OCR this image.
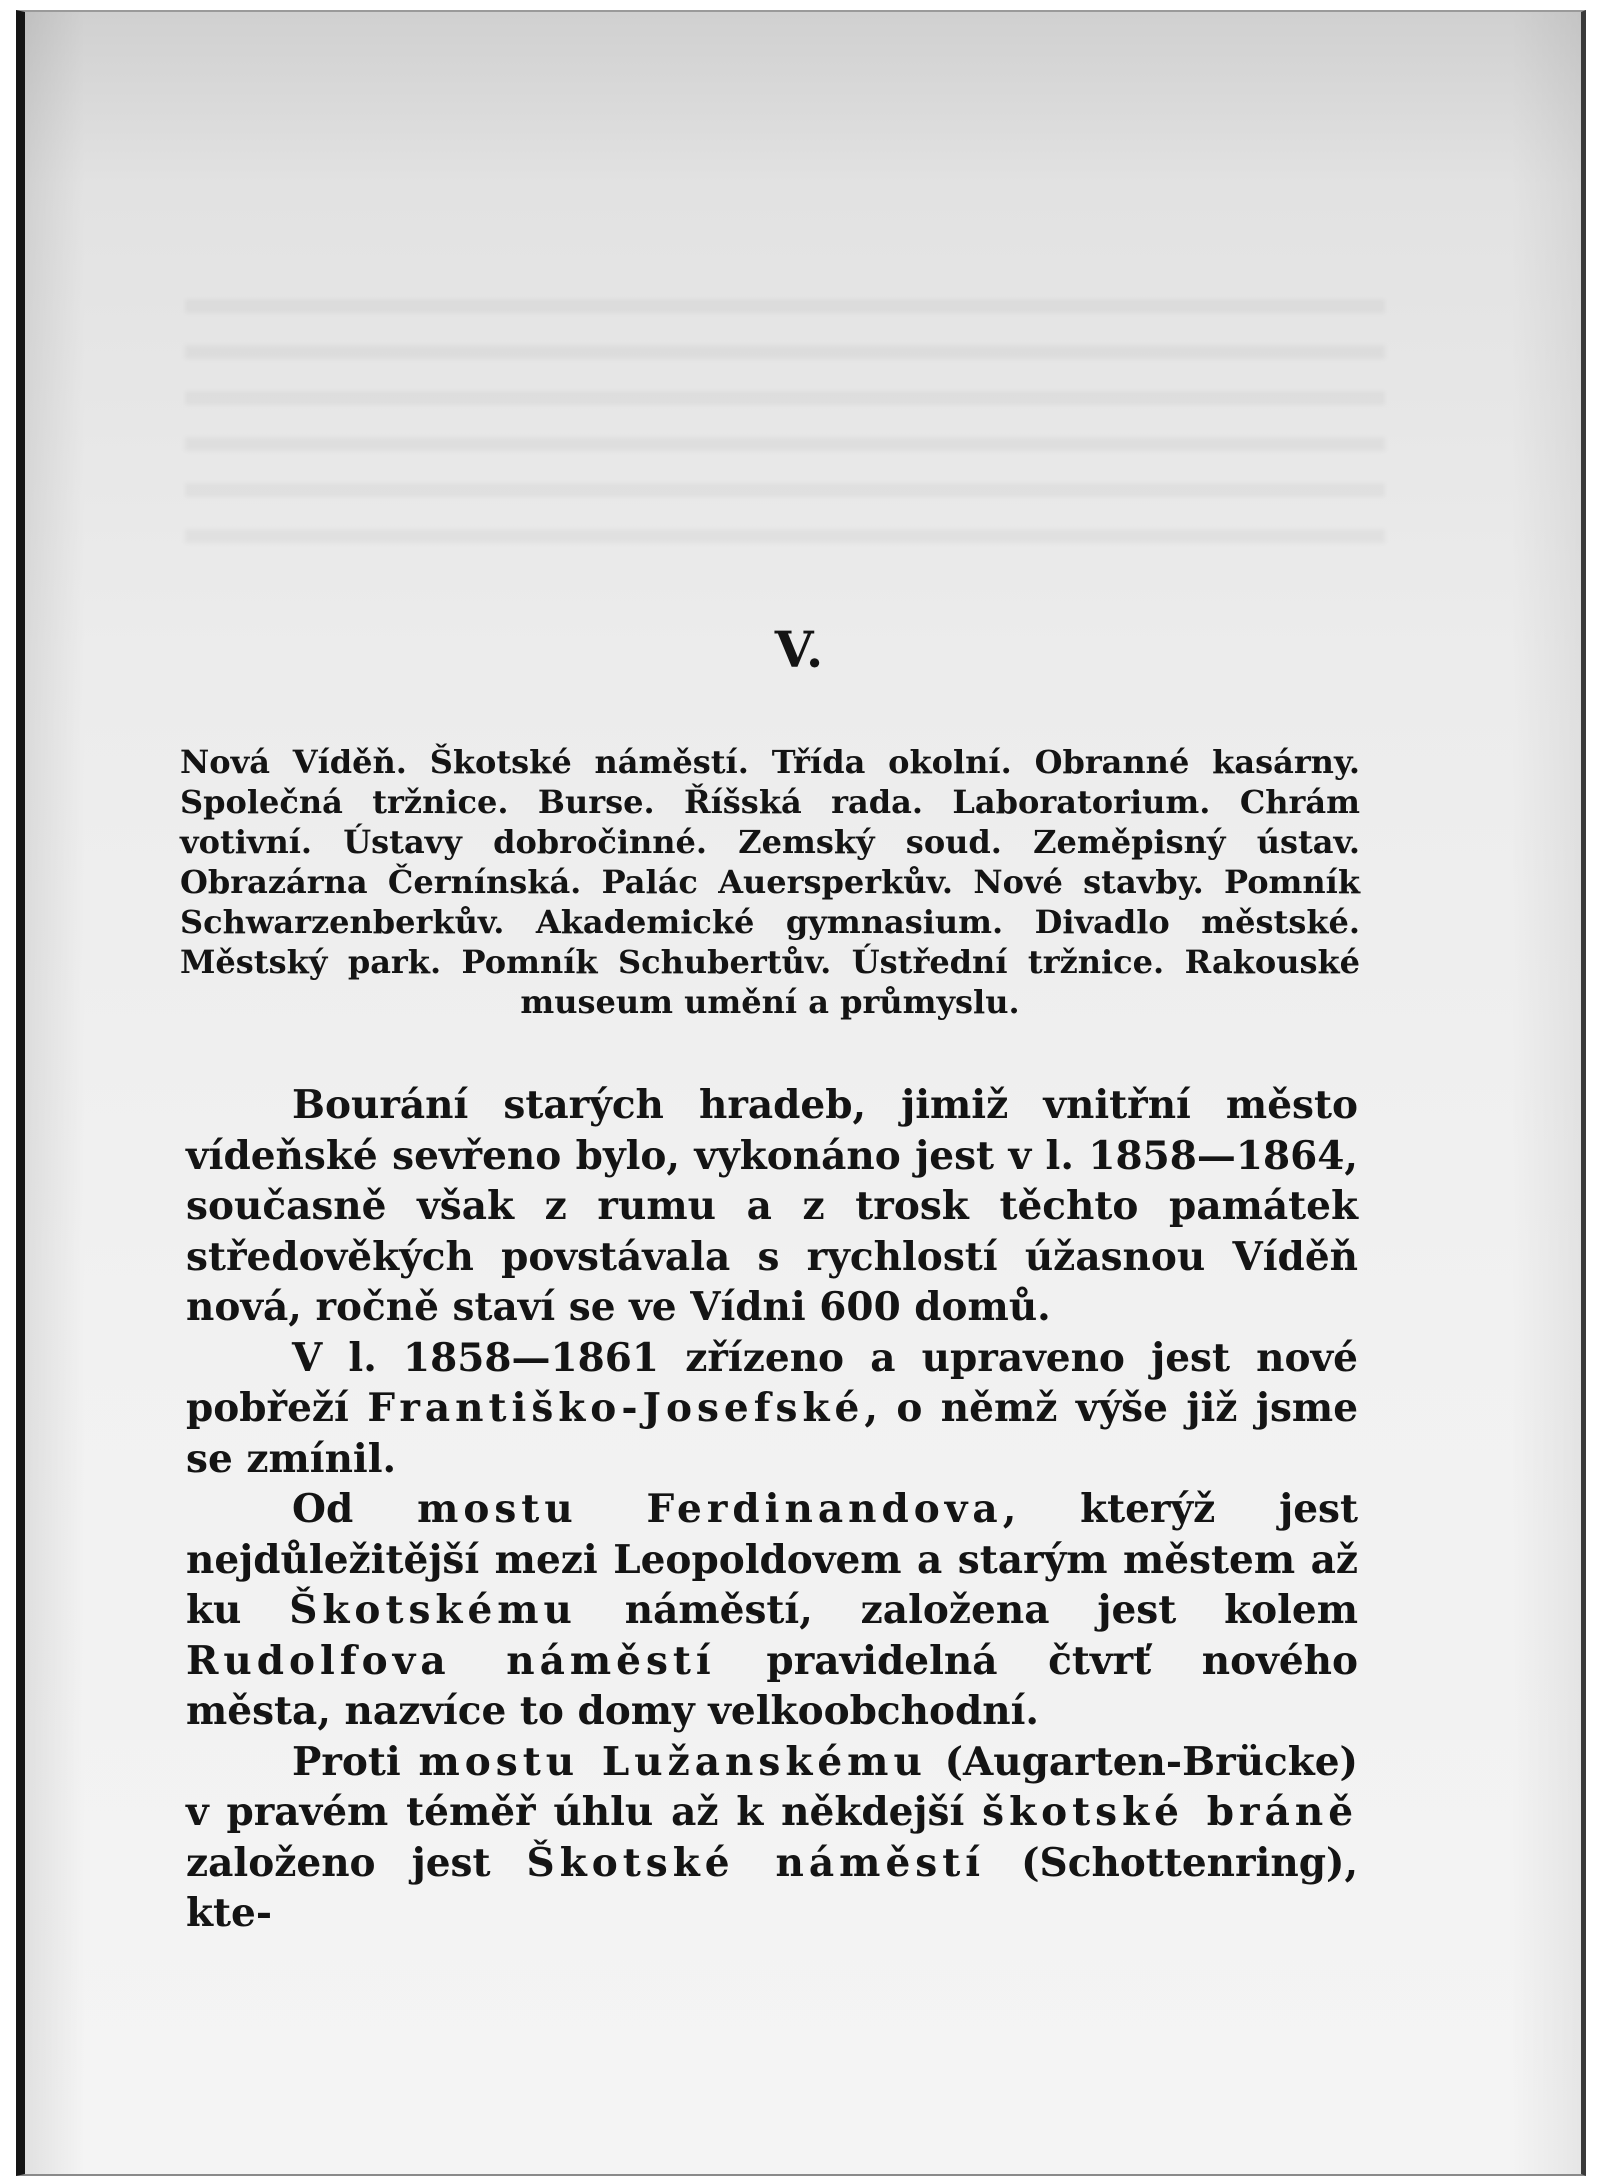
V.
Nová Víděň. Škotské náměstí. Třída okolní. Obranné kasárny. Společná tržnice. Burse. Říšská rada. Laboratorium. Chrám votivní. Ústavy dobročinné. Zemský soud. Zeměpisný ústav. Obrazárna Černínská. Palác Auersperkův. Nové stavby. Pomník Schwarzenberkův. Akademické gymnasium. Divadlo městské. Městský park. Pomník Schubertův. Ústřední tržnice. Rakouské museum umění a průmyslu.

Bourání starých hradeb, jimiž vnitřní město vídeňské sevřeno bylo, vykonáno jest v l. 1858—1864, současně však z rumu a z trosk těchto památek středověkých povstávala s rychlostí úžasnou Víděň nová, ročně staví se ve Vídni 600 domů.

V l. 1858—1861 zřízeno a upraveno jest nové pobřeží Františko-Josefské, o němž výše již jsme se zmínil.

Od mostu Ferdinandova, kterýž jest nejdůležitější mezi Leopoldovem a starým městem až ku Škotskému náměstí, založena jest kolem Rudolfova náměstí pravidelná čtvrť nového města, nazvíce to domy velkoobchodní.

Proti mostu Lužanskému (Augarten-Brücke) v pravém téměř úhlu až k někdejší škotské bráně založeno jest Škotské náměstí (Schottenring), kte-
